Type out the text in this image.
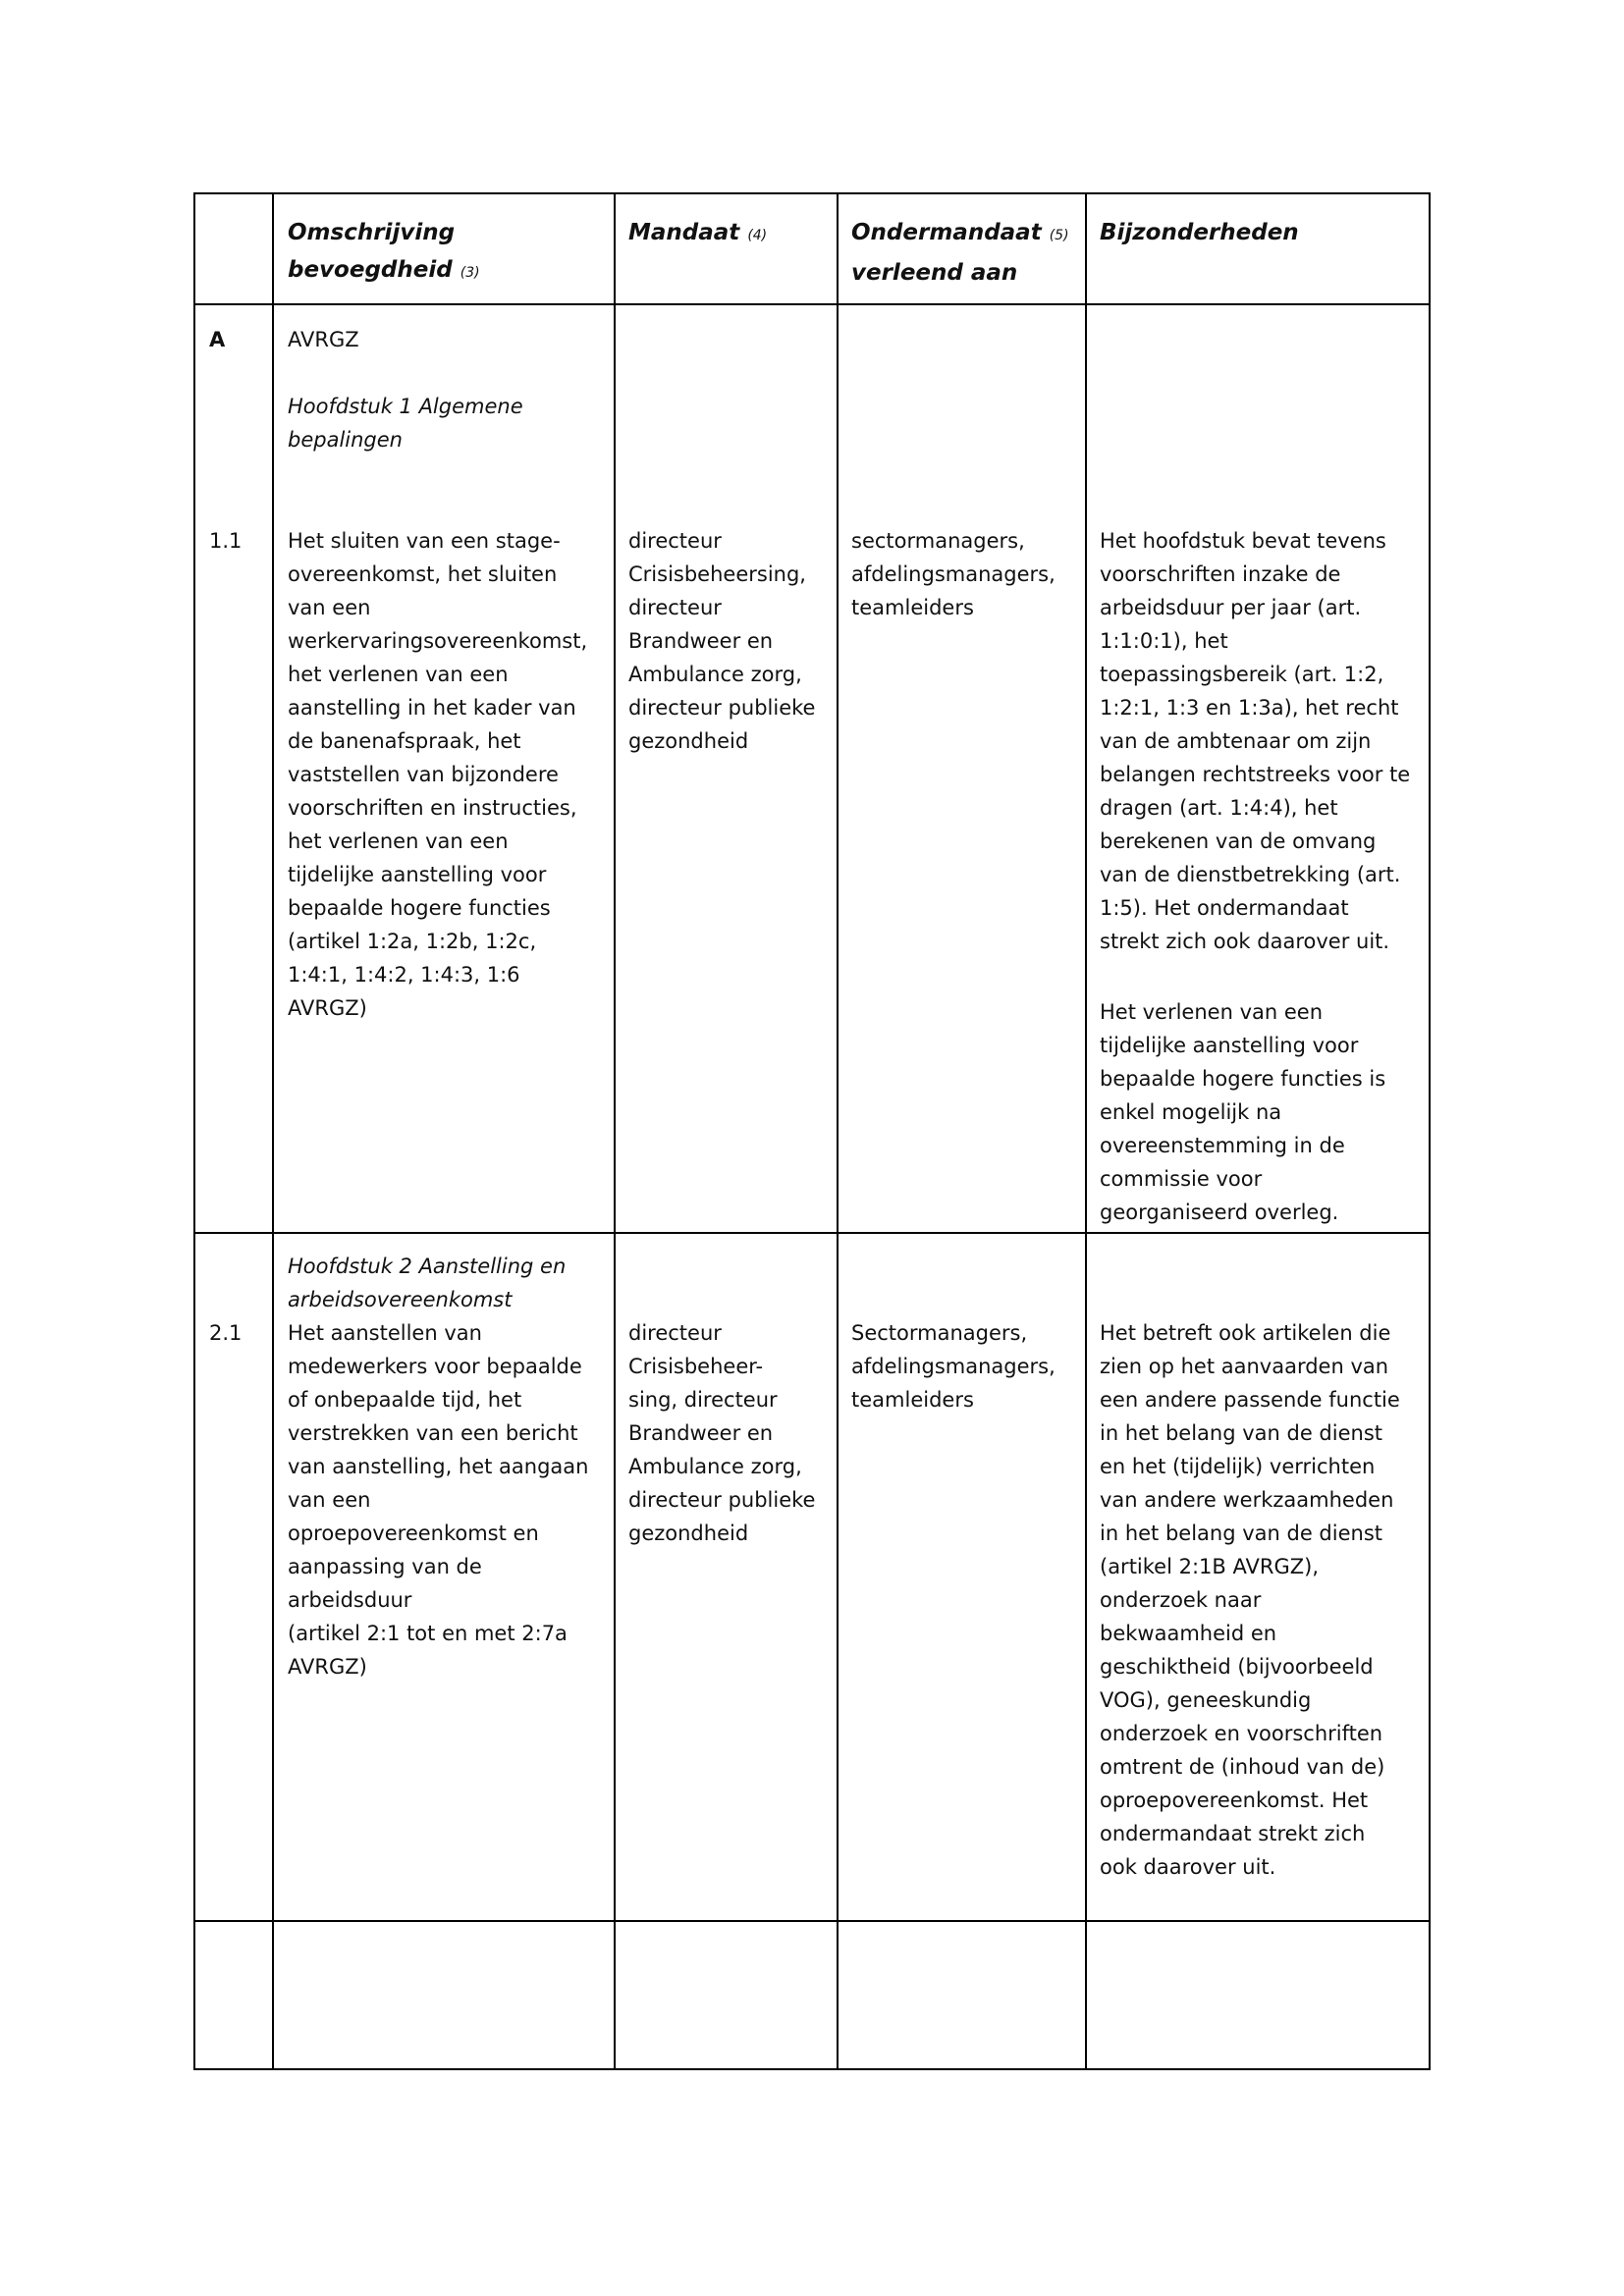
Omschrijving
bevoegdheid (3)
Mandaat (4)	Ondermandaat (5)
verleend aan
Bijzonderheden
A	AVRGZ
Hoofdstuk 1 Algemene
bepalingen
1.1 Het sluiten van een stage-
overeenkomst, het sluiten
van een
werkervaringsovereenkomst,
het verlenen van een
aanstelling in het kader van
de banenafspraak, het
vaststellen van bijzondere
voorschriften en instructies,
het verlenen van een
tijdelijke aanstelling voor
bepaalde hogere functies
(artikel 1:2a, 1:2b, 1:2c,
1:4:1, 1:4:2, 1:4:3, 1:6
AVRGZ)
directeur
Crisisbeheersing,
directeur
Brandweer en
Ambulance zorg,
directeur publieke
gezondheid
sectormanagers,
afdelingsmanagers,
teamleiders
Het hoofdstuk bevat tevens
voorschriften inzake de
arbeidsduur per jaar (art.
1:1:0:1), het
toepassingsbereik (art. 1:2,
1:2:1, 1:3 en 1:3a), het recht
van de ambtenaar om zijn
belangen rechtstreeks voor te
dragen (art. 1:4:4), het
berekenen van de omvang
van de dienstbetrekking (art.
1:5). Het ondermandaat
strekt zich ook daarover uit.
Het verlenen van een
tijdelijke aanstelling voor
bepaalde hogere functies is
enkel mogelijk na
overeenstemming in de
commissie voor
georganiseerd overleg.
Hoofdstuk 2 Aanstelling en
arbeidsovereenkomst
2.1 Het aanstellen van
medewerkers voor bepaalde
of onbepaalde tijd, het
verstrekken van een bericht
van aanstelling, het aangaan
van een
oproepovereenkomst en
aanpassing van de
arbeidsduur
(artikel 2:1 tot en met 2:7a
AVRGZ)
directeur
Crisisbeheer-
sing, directeur
Brandweer en
Ambulance zorg,
directeur publieke
gezondheid
Sectormanagers,
afdelingsmanagers,
teamleiders
Het betreft ook artikelen die
zien op het aanvaarden van
een andere passende functie
in het belang van de dienst
en het (tijdelijk) verrichten
van andere werkzaamheden
in het belang van de dienst
(artikel 2:1B AVRGZ),
onderzoek naar
bekwaamheid en
geschiktheid (bijvoorbeeld
VOG), geneeskundig
onderzoek en voorschriften
omtrent de (inhoud van de)
oproepovereenkomst. Het
ondermandaat strekt zich
ook daarover uit.
